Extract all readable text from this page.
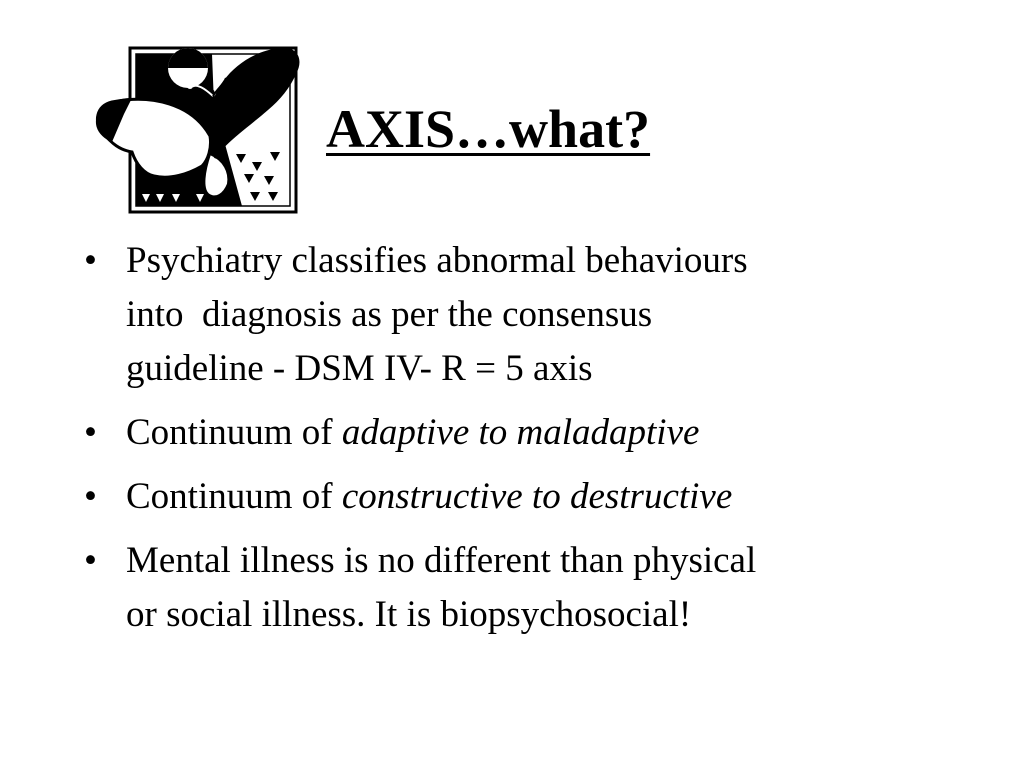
AXIS…what?
• Psychiatry classifies abnormal behaviours
into  diagnosis as per the consensus
guideline - DSM IV- R = 5 axis
• Continuum of adaptive to maladaptive
• Continuum of constructive to destructive
• Mental illness is no different than physical
or social illness. It is biopsychosocial!
